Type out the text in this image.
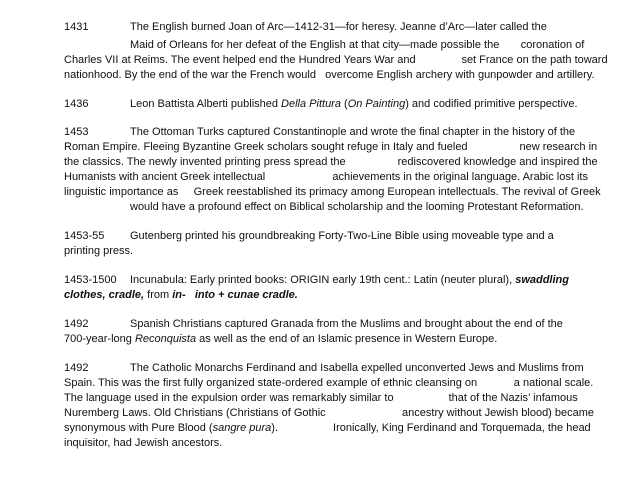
1431	The English burned Joan of Arc—1412-31—for heresy. Jeanne d’Arc—later called the
Maid of Orleans for her defeat of the English at that city—made possible the       coronation of
Charles VII at Reims. The event helped end the Hundred Years War and               set France on the path toward
nationhood. By the end of the war the French would   overcome English archery with gunpowder and artillery.
1436	Leon Battista Alberti published Della Pittura (On Painting) and codified primitive perspective.
1453	The Ottoman Turks captured Constantinople and wrote the final chapter in the history of the
Roman Empire. Fleeing Byzantine Greek scholars sought refuge in Italy and fueled                 new research in
the classics. The newly invented printing press spread the                 rediscovered knowledge and inspired the
Humanists with ancient Greek intellectual                      achievements in the original language. Arabic lost its
linguistic importance as     Greek reestablished its primacy among European intellectuals. The revival of Greek
would have a profound effect on Biblical scholarship and the looming Protestant Reformation.
1453-55 Gutenberg printed his groundbreaking Forty-Two-Line Bible using moveable type and a
printing press.
1453-1500 Incunabula: Early printed books: ORIGIN early 19th cent.: Latin (neuter plural), swaddling
clothes, cradle, from in- into + cunae cradle.
1492	Spanish Christians captured Granada from the Muslims and brought about the end of the
700-year-long Reconquista as well as the end of an Islamic presence in Western Europe.
1492	The Catholic Monarchs Ferdinand and Isabella expelled unconverted Jews and Muslims from
Spain. This was the first fully organized state-ordered example of ethnic cleansing on            a national scale.
The language used in the expulsion order was remarkably similar to                  that of the Nazis’ infamous
Nuremberg Laws. Old Christians (Christians of Gothic                         ancestry without Jewish blood) became
synonymous with Pure Blood (sangre pura).                  Ironically, King Ferdinand and Torquemada, the head
inquisitor, had Jewish ancestors.
